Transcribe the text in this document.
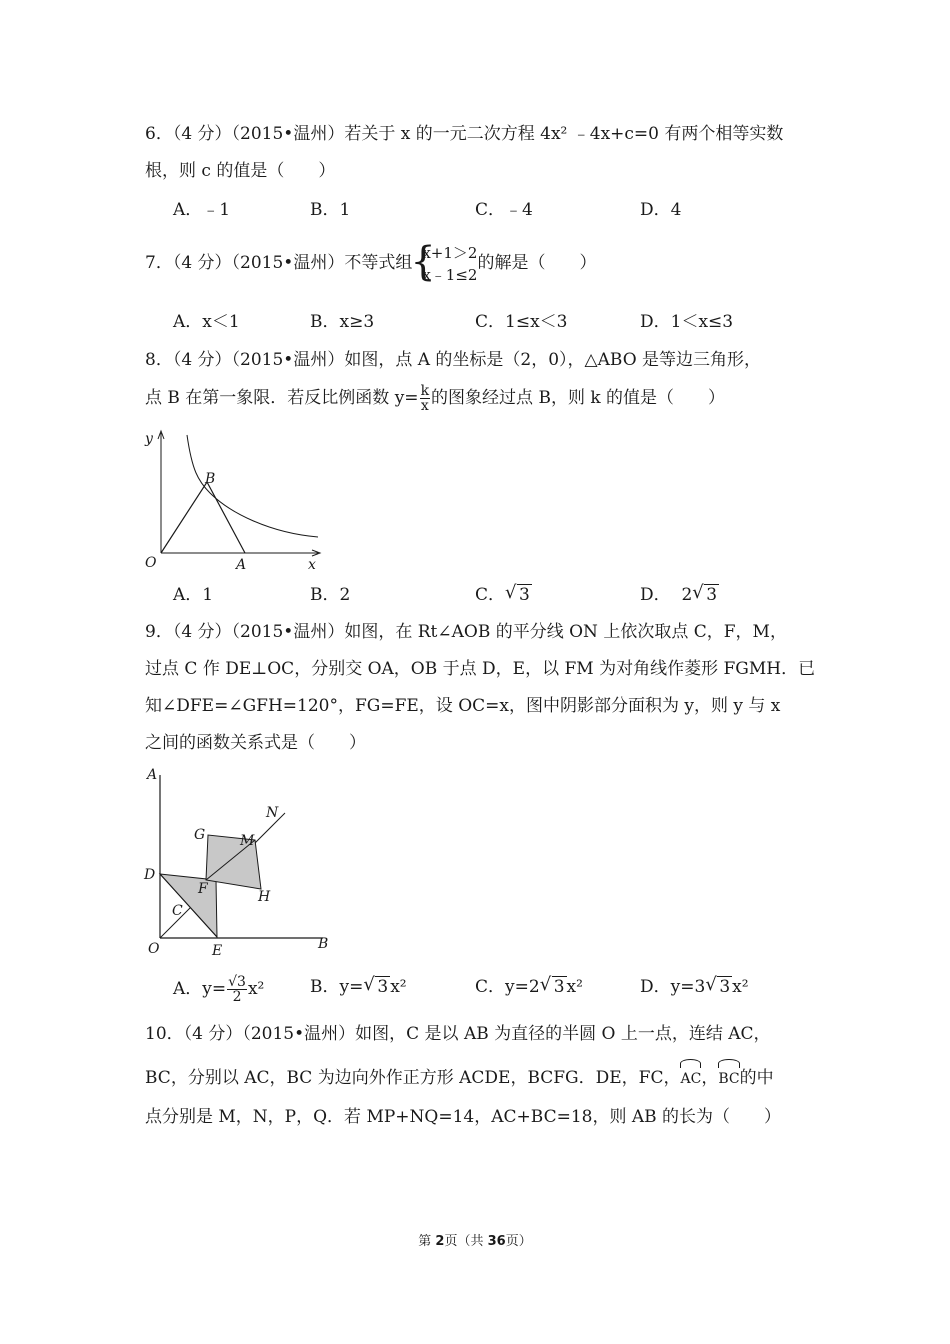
6．（4 分）（2015•温州）若关于 x 的一元二次方程 4x² ﹣4x+c=0 有两个相等实数
根，则 c 的值是（　　）
A．﹣1	B．1	C．﹣4	D．4
7．（4 分）（2015•温州）不等式组
{
x+1＞2
x﹣1≤2
的解是（　　）
A．x＜1	B．x≥3	C．1≤x＜3	D．1＜x≤3
8．（4 分）（2015•温州）如图，点 A 的坐标是（2，0），△ABO 是等边三角形，
点 B 在第一象限．若反比例函数 $y= \frac{k}{x}$ 的图象经过点 B，则 k 的值是（　　）
y
x
O	A
B
A．1	B．2	C． √ 3	D． 2 √ 3
9．（4 分）（2015•温州）如图，在 Rt∠AOB 的平分线 ON 上依次取点 C，F，M，
过点 C 作 DE⊥OC，分别交 OA，OB 于点 D，E，以 FM 为对角线作菱形 FGMH．已
知∠DFE=∠GFH=120°，FG=FE，设 OC=x，图中阴影部分面积为 y，则 y 与 x
之间的函数关系式是（　　）
A
N
G M
D
F	H
C
O	E	B
A．$y= \frac{√3}{2} x^2$	B．y= √ 3 x²	C．y=2 √ 3 x²	D．y=3 √ 3 x²
10．（4 分）（2015•温州）如图，C 是以 AB 为直径的半圆 O 上一点，连结 AC，
BC，分别以 AC，BC 为边向外作正方形 ACDE，BCFG．DE，FC，
AC，
BC的中
点分别是 M，N，P，Q．若 MP+NQ=14，AC+BC=18，则 AB 的长为（　　）
第 2页（共 36页）
